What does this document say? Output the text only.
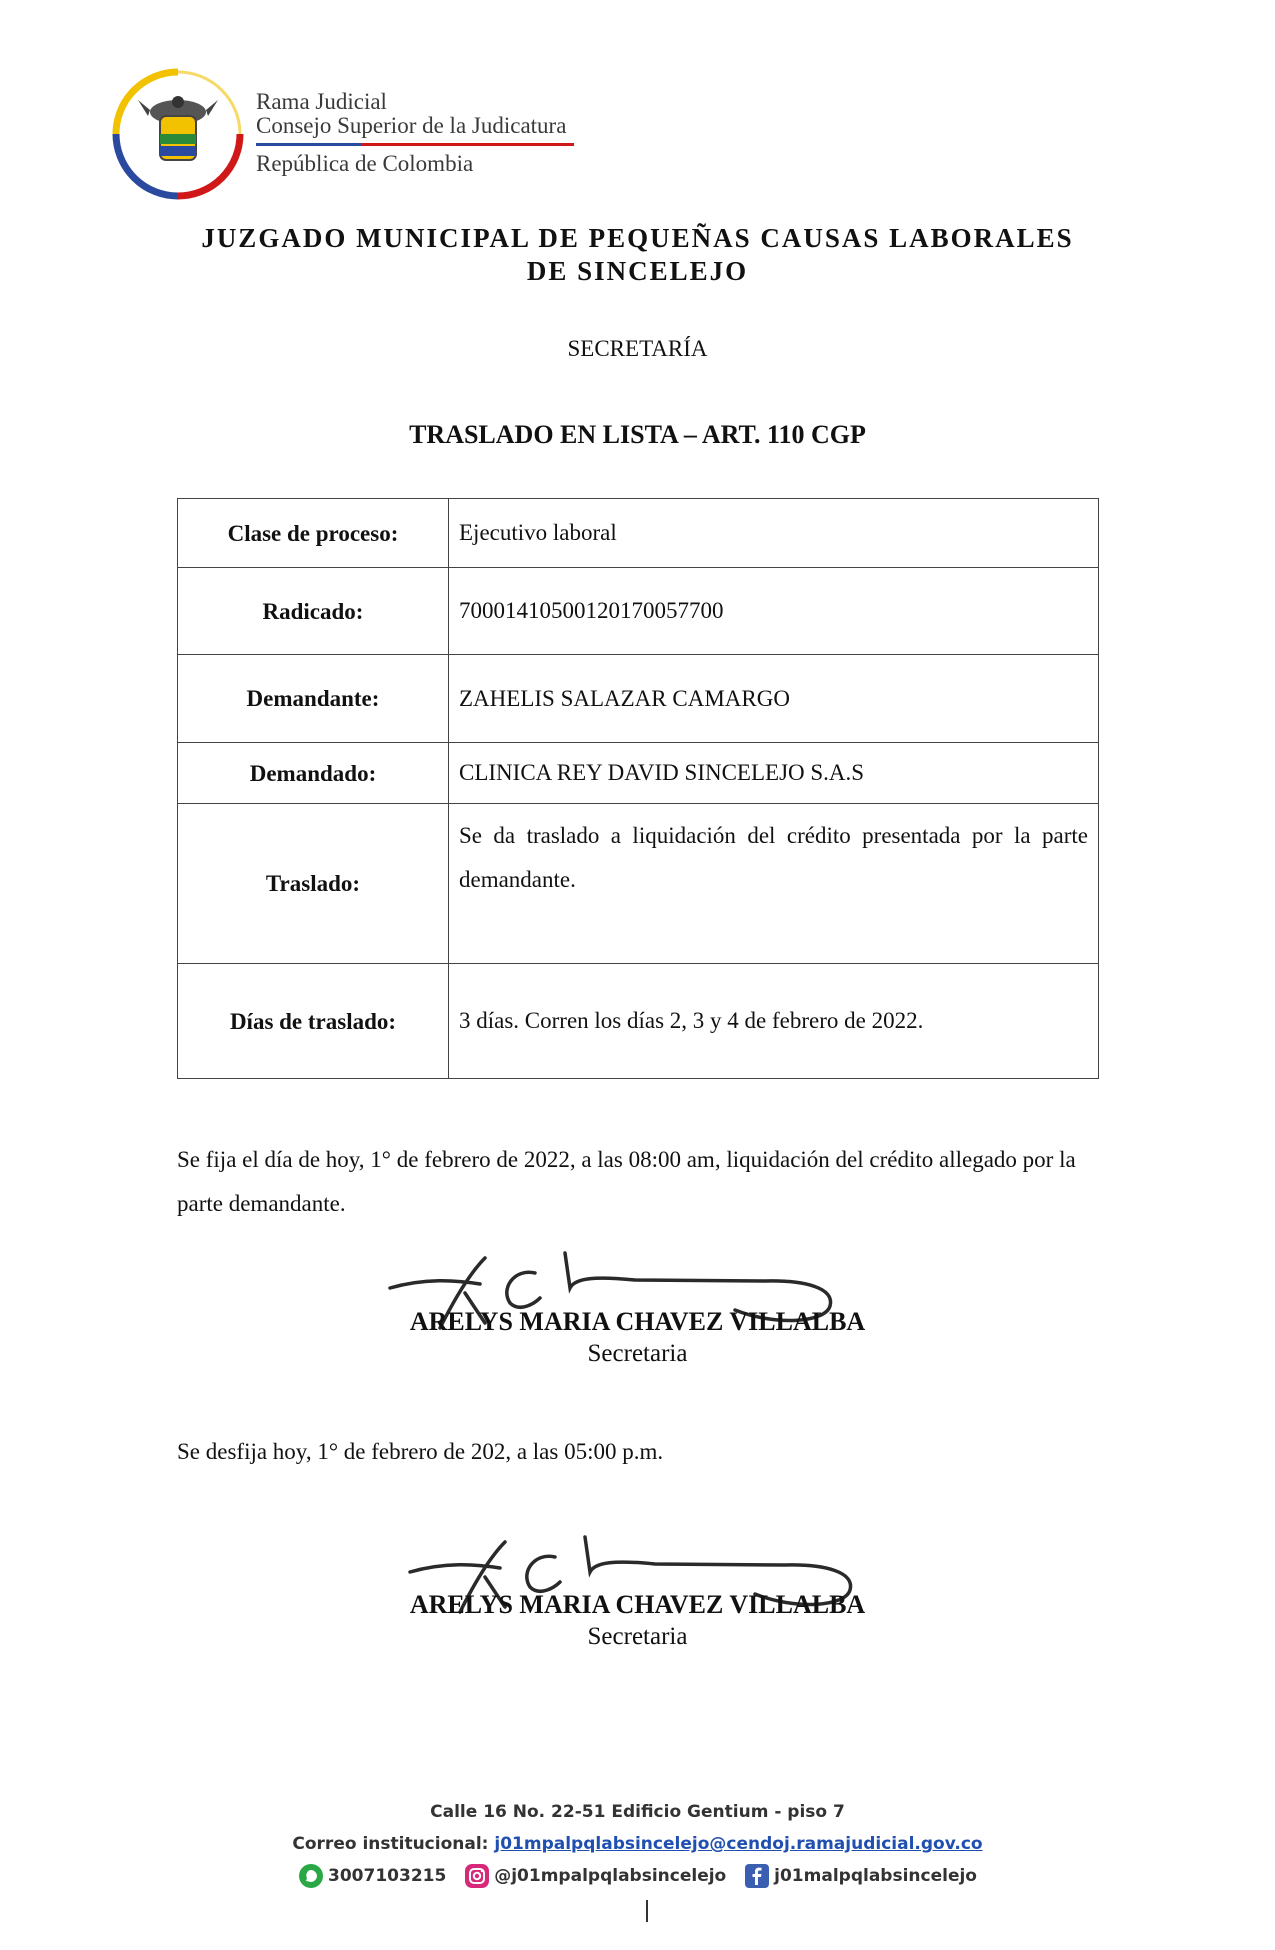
Rama Judicial
Consejo Superior de la Judicatura
República de Colombia
JUZGADO MUNICIPAL DE PEQUEÑAS CAUSAS LABORALES
DE SINCELEJO
SECRETARÍA
TRASLADO EN LISTA – ART. 110 CGP
Clase de proceso:	Ejecutivo laboral
Radicado:	70001410500120170057700
Demandante:	ZAHELIS SALAZAR CAMARGO
Demandado:	CLINICA REY DAVID SINCELEJO S.A.S
Traslado:	Se da traslado a liquidación del crédito presentada por la parte demandante.
Días de traslado:	3 días. Corren los días 2, 3 y 4 de febrero de 2022.
Se fija el día de hoy, 1° de febrero de 2022, a las 08:00 am, liquidación del crédito allegado por la parte demandante.
ARELYS MARIA CHAVEZ VILLALBA
Secretaria
Se desfija hoy, 1° de febrero de 202, a las 05:00 p.m.
ARELYS MARIA CHAVEZ VILLALBA
Secretaria
Calle 16 No. 22-51 Edificio Gentium - piso 7
Correo institucional: j01mpalpqlabsincelejo@cendoj.ramajudicial.gov.co
3007103215
	@j01mpalpqlabsincelejo
	j01malpqlabsincelejo
